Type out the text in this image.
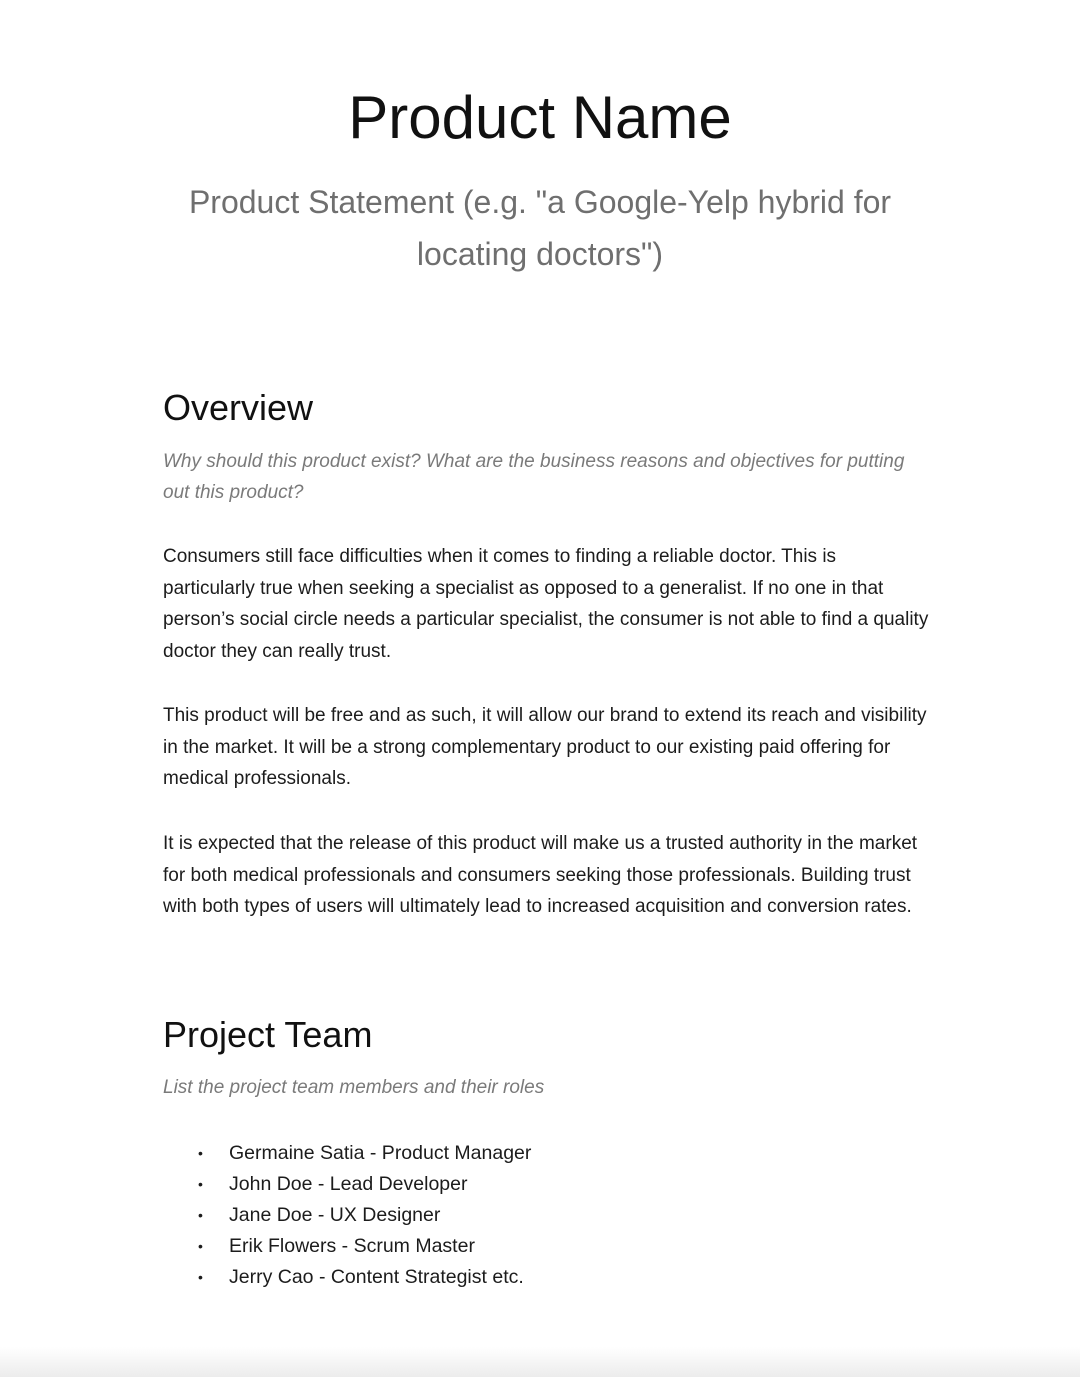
Product Name

Product Statement (e.g. "a Google-Yelp hybrid for locating doctors")

Overview

Why should this product exist? What are the business reasons and objectives for putting out this product?

Consumers still face difficulties when it comes to finding a reliable doctor. This is particularly true when seeking a specialist as opposed to a generalist. If no one in that person’s social circle needs a particular specialist, the consumer is not able to find a quality doctor they can really trust.

This product will be free and as such, it will allow our brand to extend its reach and visibility in the market. It will be a strong complementary product to our existing paid offering for medical professionals.

It is expected that the release of this product will make us a trusted authority in the market for both medical professionals and consumers seeking those professionals. Building trust with both types of users will ultimately lead to increased acquisition and conversion rates.

Project Team

List the project team members and their roles

• Germaine Satia - Product Manager
• John Doe - Lead Developer
• Jane Doe - UX Designer
• Erik Flowers - Scrum Master
• Jerry Cao - Content Strategist etc.
